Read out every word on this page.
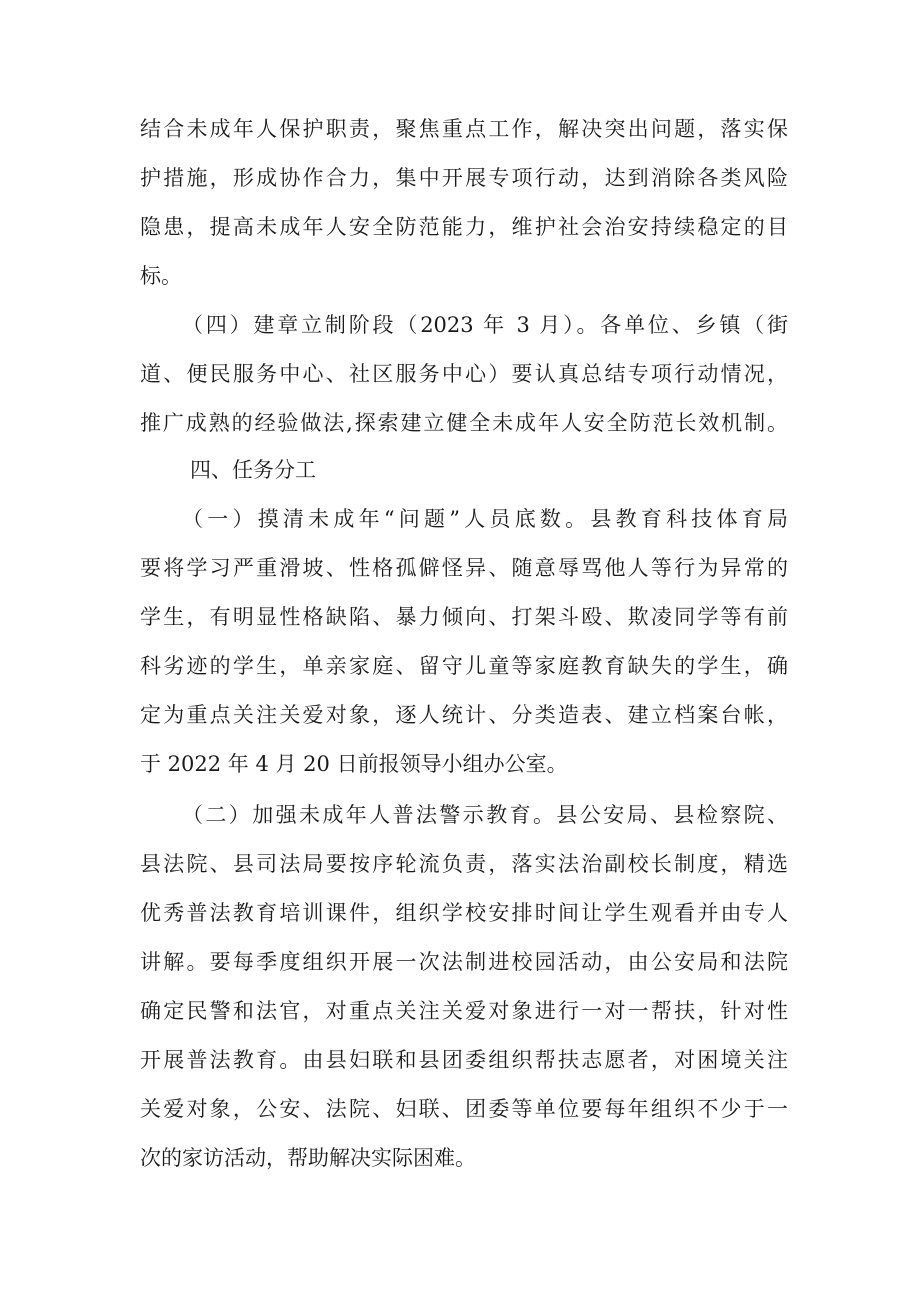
结合未成年人保护职责，聚焦重点工作，解决突出问题，落实保
护措施，形成协作合力，集中开展专项行动，达到消除各类风险
隐患，提高未成年人安全防范能力，维护社会治安持续稳定的目
标。
（四）建章立制阶段（2023 年 3 月）。各单位、乡镇（街
道、便民服务中心、社区服务中心）要认真总结专项行动情况，
推广成熟的经验做法,探索建立健全未成年人安全防范长效机制。
四、任务分工
（一）摸清未成年“问题”人员底数。县教育科技体育局
要将学习严重滑坡、性格孤僻怪异、随意辱骂他人等行为异常的
学生，有明显性格缺陷、暴力倾向、打架斗殴、欺凌同学等有前
科劣迹的学生，单亲家庭、留守儿童等家庭教育缺失的学生，确
定为重点关注关爱对象，逐人统计、分类造表、建立档案台帐，
于 2022 年 4 月 20 日前报领导小组办公室。
（二）加强未成年人普法警示教育。县公安局、县检察院、
县法院、县司法局要按序轮流负责，落实法治副校长制度，精选
优秀普法教育培训课件，组织学校安排时间让学生观看并由专人
讲解。要每季度组织开展一次法制进校园活动，由公安局和法院
确定民警和法官，对重点关注关爱对象进行一对一帮扶，针对性
开展普法教育。由县妇联和县团委组织帮扶志愿者，对困境关注
关爱对象，公安、法院、妇联、团委等单位要每年组织不少于一
次的家访活动，帮助解决实际困难。
